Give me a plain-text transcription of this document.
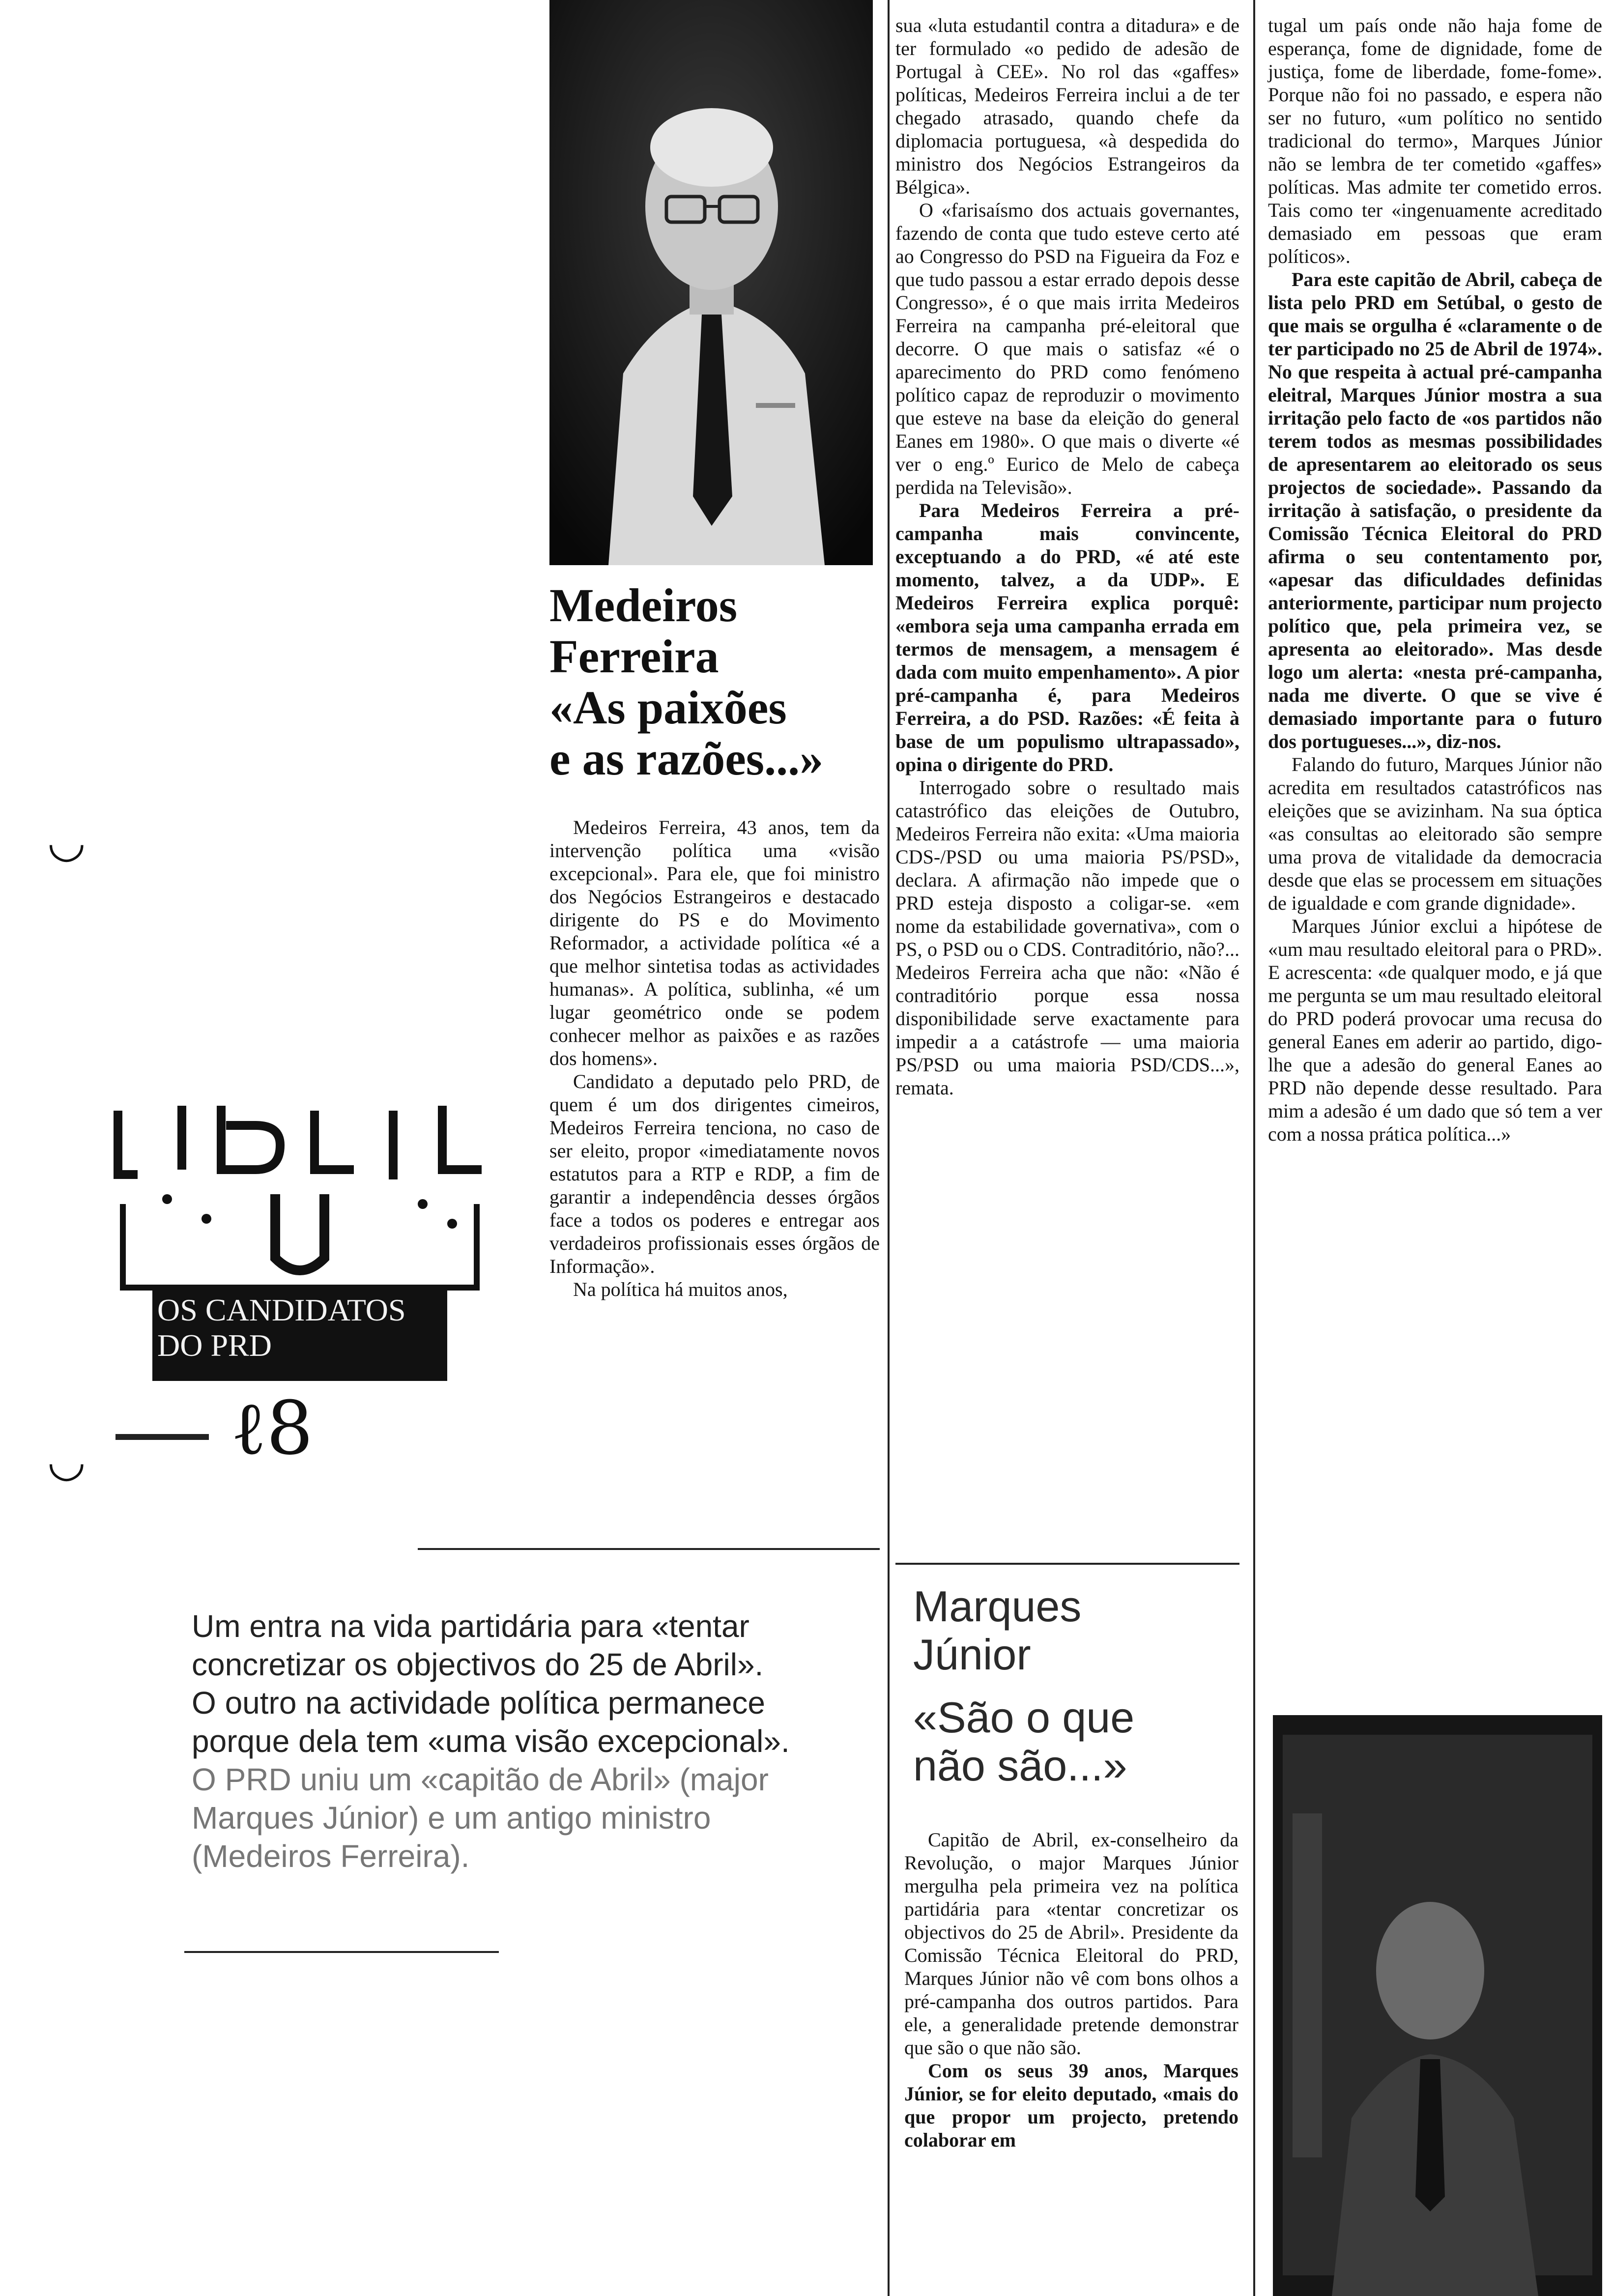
Medeiros
Ferreira
«As paixões
e as razões...»

Medeiros Ferreira, 43 anos, tem da intervenção política uma «visão excepcional». Para ele, que foi ministro dos Negócios Estrangeiros e destacado dirigente do PS e do Movimento Reformador, a actividade política «é a que melhor sintetisa todas as actividades humanas». A política, sublinha, «é um lugar geométrico onde se podem conhecer melhor as paixões e as razões dos homens».

Candidato a deputado pelo PRD, de quem é um dos dirigentes cimeiros, Medeiros Ferreira tenciona, no caso de ser eleito, propor «imediatamente novos estatutos para a RTP e RDP, a fim de garantir a independência desses órgãos face a todos os poderes e entregar aos verdadeiros profissionais esses órgãos de Informação».

Na política há muitos anos,

sua «luta estudantil contra a ditadura» e de ter formulado «o pedido de adesão de Portugal à CEE». No rol das «gaffes» políticas, Medeiros Ferreira inclui a de ter chegado atrasado, quando chefe da diplomacia portuguesa, «à despedida do ministro dos Negócios Estrangeiros da Bélgica».

O «farisaísmo dos actuais governantes, fazendo de conta que tudo esteve certo até ao Congresso do PSD na Figueira da Foz e que tudo passou a estar errado depois desse Congresso», é o que mais irrita Medeiros Ferreira na campanha pré-eleitoral que decorre. O que mais o satisfaz «é o aparecimento do PRD como fenómeno político capaz de reproduzir o movimento que esteve na base da eleição do general Eanes em 1980». O que mais o diverte «é ver o eng.º Eurico de Melo de cabeça perdida na Televisão».

Para Medeiros Ferreira a pré-campanha mais convincente, exceptuando a do PRD, «é até este momento, talvez, a da UDP». E Medeiros Ferreira explica porquê: «embora seja uma campanha errada em termos de mensagem, a mensagem é dada com muito empenhamento». A pior pré-campanha é, para Medeiros Ferreira, a do PSD. Razões: «É feita à base de um populismo ultrapassado», opina o dirigente do PRD.

Interrogado sobre o resultado mais catastrófico das eleições de Outubro, Medeiros Ferreira não exita: «Uma maioria CDS-/PSD ou uma maioria PS/PSD», declara. A afirmação não impede que o PRD esteja disposto a coligar-se. «em nome da estabilidade governativa», com o PS, o PSD ou o CDS. Contraditório, não?... Medeiros Ferreira acha que não: «Não é contraditório porque essa nossa disponibilidade serve exactamente para impedir a a catástrofe — uma maioria PS/PSD ou uma maioria PSD/CDS...», remata.

Marques
Júnior
«São o que
não são...»

Capitão de Abril, ex-conselheiro da Revolução, o major Marques Júnior mergulha pela primeira vez na política partidária para «tentar concretizar os objectivos do 25 de Abril». Presidente da Comissão Técnica Eleitoral do PRD, Marques Júnior não vê com bons olhos a pré-campanha dos outros partidos. Para ele, a generalidade pretende demonstrar que são o que não são.

Com os seus 39 anos, Marques Júnior, se for eleito deputado, «mais do que propor um projecto, pretendo colaborar em

tugal um país onde não haja fome de esperança, fome de dignidade, fome de justiça, fome de liberdade, fome-fome». Porque não foi no passado, e espera não ser no futuro, «um político no sentido tradicional do termo», Marques Júnior não se lembra de ter cometido «gaffes» políticas. Mas admite ter cometido erros. Tais como ter «ingenuamente acreditado demasiado em pessoas que eram políticos».

Para este capitão de Abril, cabeça de lista pelo PRD em Setúbal, o gesto de que mais se orgulha é «claramente o de ter participado no 25 de Abril de 1974». No que respeita à actual pré-campanha eleitral, Marques Júnior mostra a sua irritação pelo facto de «os partidos não terem todos as mesmas possibilidades de apresentarem ao eleitorado os seus projectos de sociedade». Passando da irritação à satisfação, o presidente da Comissão Técnica Eleitoral do PRD afirma o seu contentamento por, «apesar das dificuldades definidas anteriormente, participar num projecto político que, pela primeira vez, se apresenta ao eleitorado». Mas desde logo um alerta: «nesta pré-campanha, nada me diverte. O que se vive é demasiado importante para o futuro dos portugueses...», diz-nos.

Falando do futuro, Marques Júnior não acredita em resultados catastróficos nas eleições que se avizinham. Na sua óptica «as consultas ao eleitorado são sempre uma prova de vitalidade da democracia desde que elas se processem em situações de igualdade e com grande dignidade».

Marques Júnior exclui a hipótese de «um mau resultado eleitoral para o PRD». E acrescenta: «de qualquer modo, e já que me pergunta se um mau resultado eleitoral do PRD poderá provocar uma recusa do general Eanes em aderir ao partido, digo-lhe que a adesão do general Eanes ao PRD não depende desse resultado. Para mim a adesão é um dado que só tem a ver com a nossa prática política...»

OS CANDIDATOS
DO PRD
◡
◡ ℓ8
Um entra na vida partidária para «tentar
concretizar os objectivos do 25 de Abril».
O outro na actividade política permanece
porque dela tem «uma visão excepcional».
O PRD uniu um «capitão de Abril» (major
Marques Júnior) e um antigo ministro
(Medeiros Ferreira).
